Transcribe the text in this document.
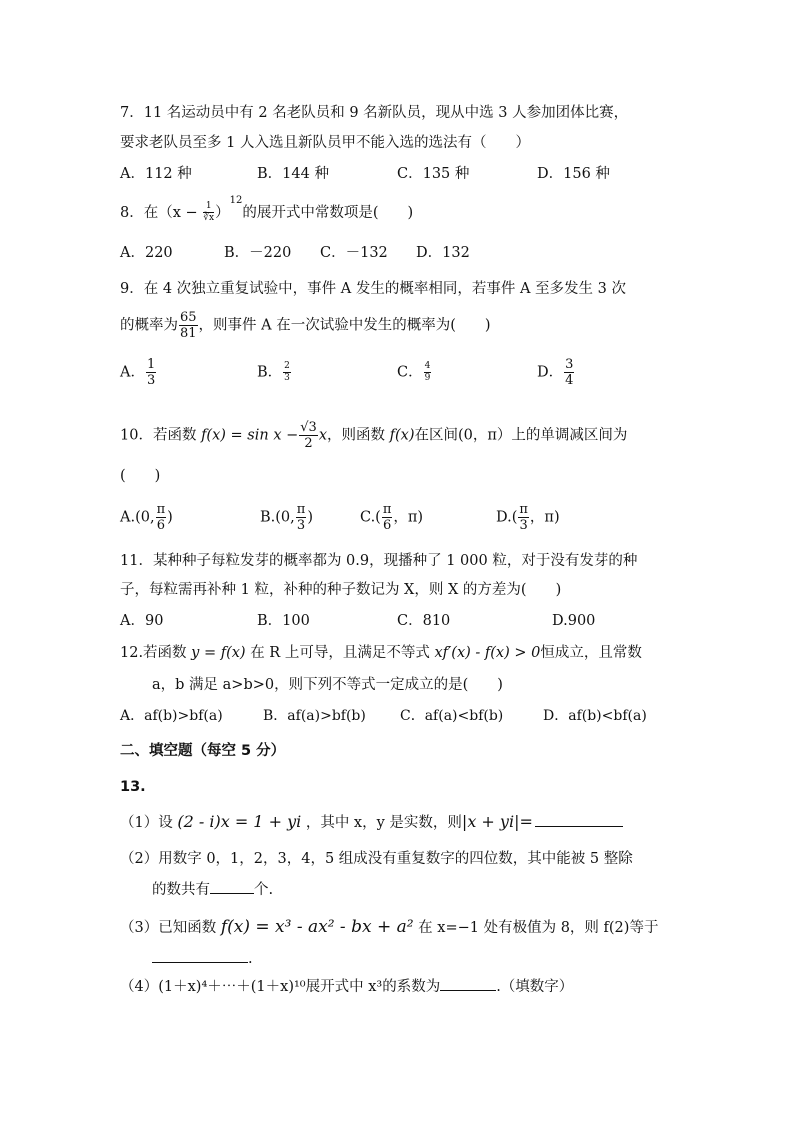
7．11 名运动员中有 2 名老队员和 9 名新队员，现从中选 3 人参加团体比赛，
要求老队员至多 1 人入选且新队员甲不能入选的选法有（　　）
A．112 种	B．144 种	C．135 种	D．156 种
8．在$(x - \frac{1}{∛x} )^{12}$的展开式中常数项是(　　)
A．220	B．－220 C．－132 D．132
9．在 4 次独立重复试验中，事件 A 发生的概率相同，若事件 A 至多发生 3 次
的概率为 $\frac{65}{81}$ ，则事件 A 在一次试验中发生的概率为(　　)
A． $\frac{1}{3}$	B． $\frac{2}{3}$	C． $\frac{4}{9}$	D． $\frac{3}{4}$
10．若函数 $f(x) = \sin x - \frac{√3}{2}$ x，则函数 f(x)在区间(0，π）上的单调减区间为
(　　)
A.(0, $\frac{\pi}{6}$ )	B.(0, $\frac{\pi}{3}$ )	$C.( \frac{\pi}{6}$ ，π)	$D.( \frac{\pi}{3}$ ，π)
11．某种种子每粒发芽的概率都为 0.9，现播种了 1 000 粒，对于没有发芽的种
子，每粒需再补种 1 粒，补种的种子数记为 X，则 X 的方差为(　　)
A．90	B．100	C．810	D.900
12.若函数 y = f(x) 在 R 上可导，且满足不等式 xf′(x) - f(x) > 0恒成立，且常数
a，b 满足 a>b>0，则下列不等式一定成立的是(　　)
A．af(b)>bf(a)	B．af(a)>bf(b) C．af(a)<bf(b)	D．af(b)<bf(a)
二、填空题（每空 5 分）
13.
（1）设 (2 - i)x = 1 + yi ，其中 x，y 是实数，则|x + yi|=
（2）用数字 0，1，2，3，4，5 组成没有重复数字的四位数，其中能被 5 整除
的数共有	个.
（3）已知函数 f(x) = x³ - ax² - bx + a² 在 x=−1 处有极值为 8，则 f(2)等于
.
（4）(1＋x)⁴＋⋯＋(1＋x)¹⁰展开式中 x³的系数为	.（填数字）
